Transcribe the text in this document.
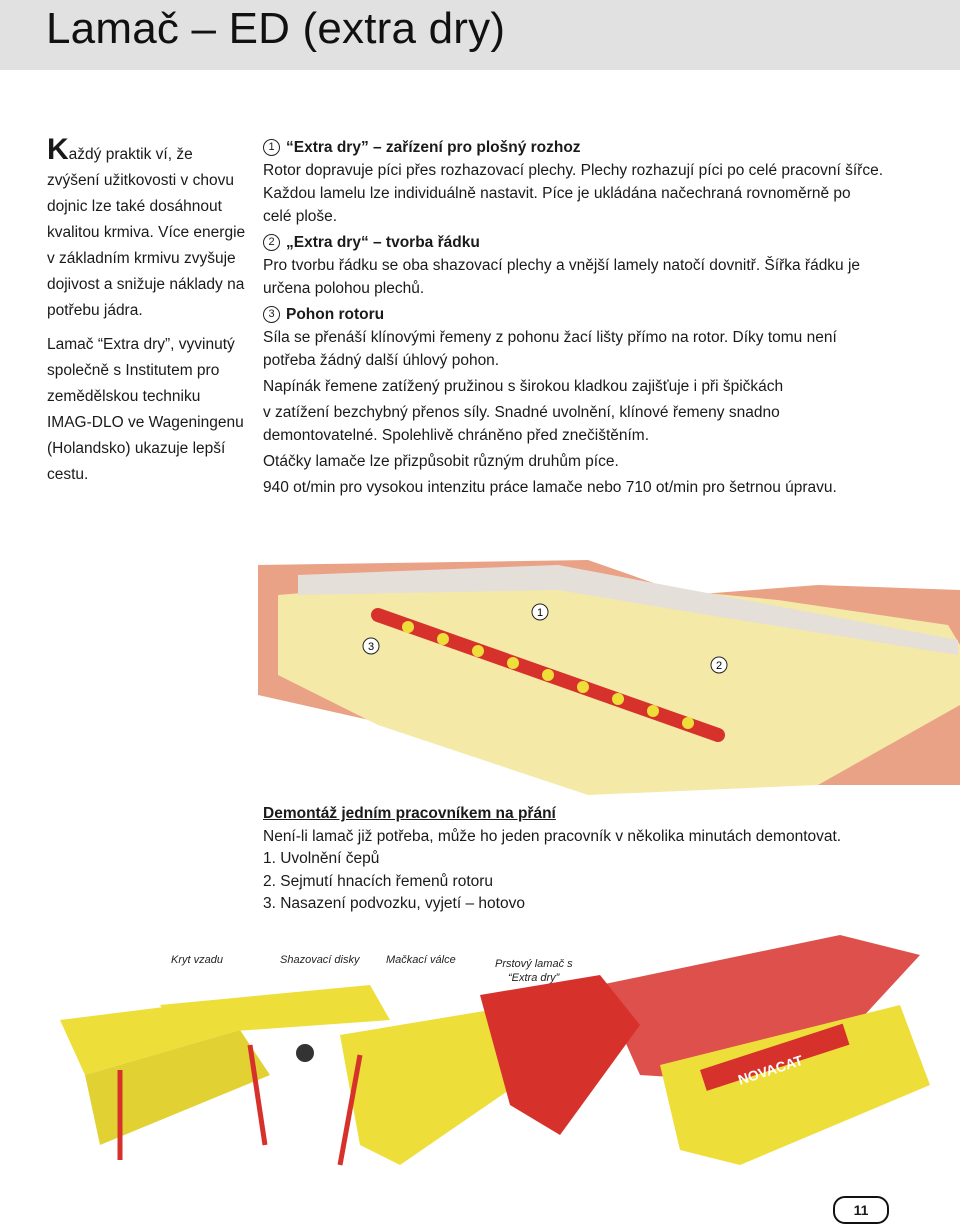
Lamač – ED (extra dry)

Každý praktik ví, že zvýšení užitkovosti v chovu dojnic lze také dosáhnout kvalitou krmiva. Více energie v základním krmivu zvyšuje dojivost a snižuje náklady na potřebu jádra.

Lamač “Extra dry”, vyvinutý společně s Institutem pro zemědělskou techniku IMAG-DLO ve Wageningenu (Holandsko) ukazuje lepší cestu.

1 “Extra dry” – zařízení pro plošný rozhoz

Rotor dopravuje píci přes rozhazovací plechy. Plechy rozhazují píci po celé pracovní šířce. Každou lamelu lze individuálně nastavit. Píce je ukládána načechraná rovnoměrně po celé ploše.

2 „Extra dry“ – tvorba řádku

Pro tvorbu řádku se oba shazovací plechy a vnější lamely natočí dovnitř. Šířka řádku je určena polohou plechů.

3 Pohon rotoru

Síla se přenáší klínovými řemeny z pohonu žací lišty přímo na rotor. Díky tomu není potřeba žádný další úhlový pohon.

Napínák řemene zatížený pružinou s širokou kladkou zajišťuje i při špičkách

v zatížení bezchybný přenos síly. Snadné uvolnění, klínové řemeny snadno demontovatelné. Spolehlivě chráněno před znečištěním.

Otáčky lamače lze přizpůsobit různým druhům píce.

940 ot/min pro vysokou intenzitu práce lamače nebo 710 ot/min pro šetrnou úpravu.

1
2
3

Demontáž jedním pracovníkem na přání

Není-li lamač již potřeba, může ho jeden pracovník v několika minutách demontovat.

1. Uvolnění čepů

2. Sejmutí hnacích řemenů rotoru

3. Nasazení podvozku, vyjetí – hotovo

Kryt vzadu	Shazovací disky Mačkací válce	Prstový lamač s
“Extra dry”
NOVACAT
11
